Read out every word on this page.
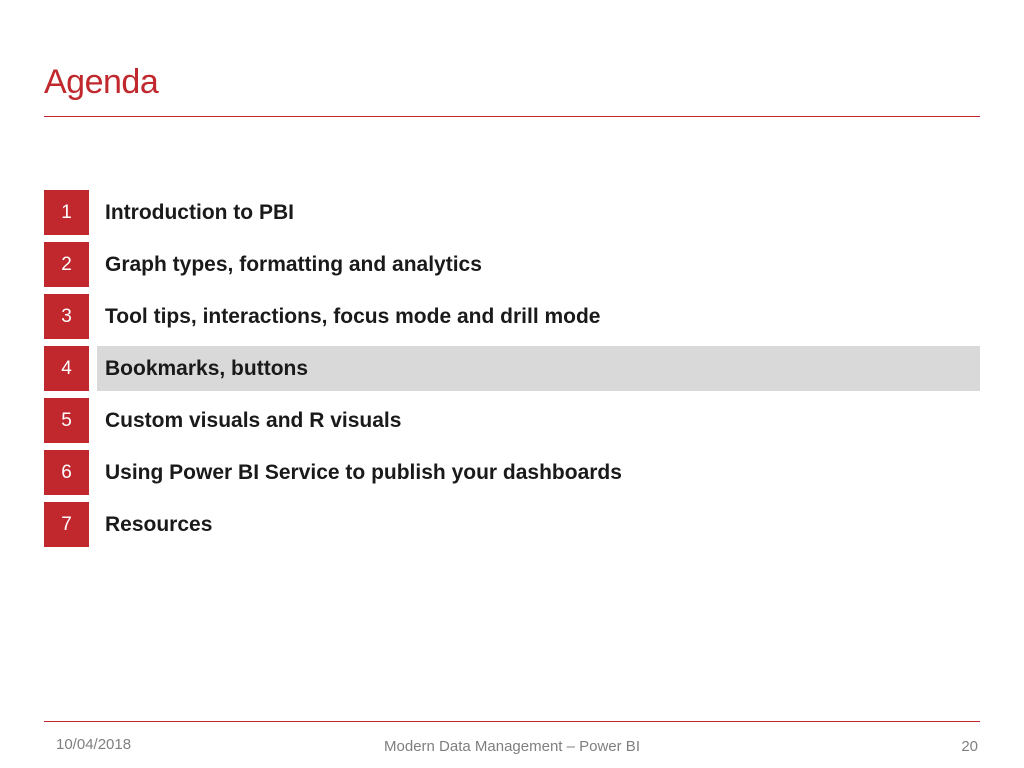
Agenda
1	Introduction to PBI
2	Graph types, formatting and analytics
3	Tool tips, interactions, focus mode and drill mode
4	Bookmarks, buttons
5	Custom visuals and R visuals
6	Using Power BI Service to publish your dashboards
7	Resources
10/04/2018	Modern Data Management – Power BI	20
